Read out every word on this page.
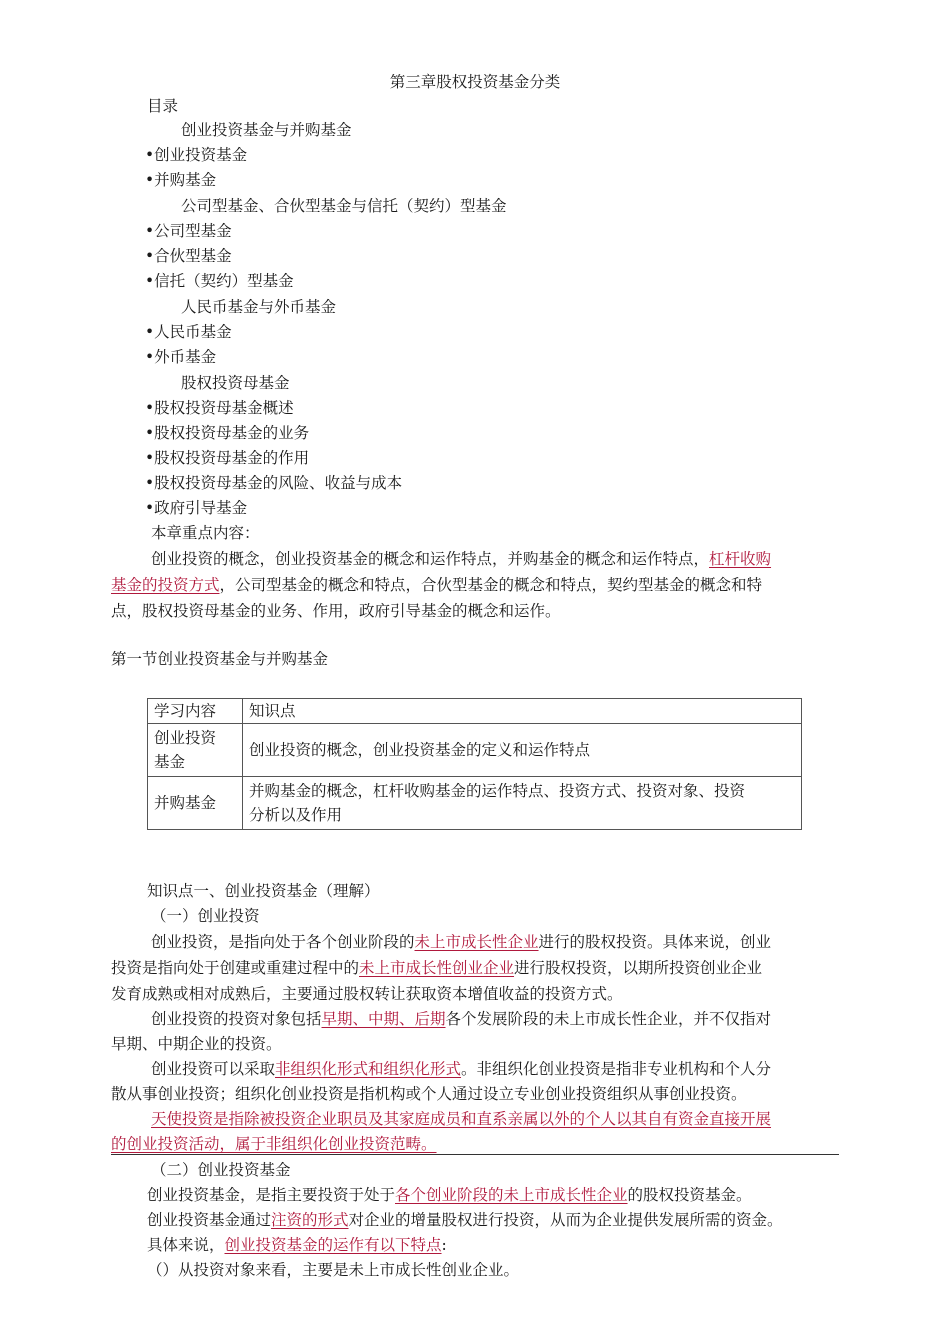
第三章股权投资基金分类
目录
创业投资基金与并购基金
•创业投资基金
•并购基金
公司型基金、合伙型基金与信托（契约）型基金
•公司型基金
•合伙型基金
•信托（契约）型基金
人民币基金与外币基金
•人民币基金
•外币基金
股权投资母基金
•股权投资母基金概述
•股权投资母基金的业务
•股权投资母基金的作用
•股权投资母基金的风险、收益与成本
•政府引导基金
本章重点内容：
创业投资的概念，创业投资基金的概念和运作特点，并购基金的概念和运作特点，杠杆收购
基金的投资方式，公司型基金的概念和特点，合伙型基金的概念和特点，契约型基金的概念和特
点，股权投资母基金的业务、作用，政府引导基金的概念和运作。
第一节创业投资基金与并购基金
学习内容	知识点
创业投资
基金	创业投资的概念，创业投资基金的定义和运作特点
并购基金	并购基金的概念，杠杆收购基金的运作特点、投资方式、投资对象、投资
分析以及作用
知识点一、创业投资基金（理解）
（一）创业投资
创业投资，是指向处于各个创业阶段的未上市成长性企业进行的股权投资。具体来说，创业
投资是指向处于创建或重建过程中的未上市成长性创业企业进行股权投资，以期所投资创业企业
发育成熟或相对成熟后，主要通过股权转让获取资本增值收益的投资方式。
创业投资的投资对象包括早期、中期、后期各个发展阶段的未上市成长性企业，并不仅指对
早期、中期企业的投资。
创业投资可以采取非组织化形式和组织化形式。非组织化创业投资是指非专业机构和个人分
散从事创业投资；组织化创业投资是指机构或个人通过设立专业创业投资组织从事创业投资。
天使投资是指除被投资企业职员及其家庭成员和直系亲属以外的个人以其自有资金直接开展
的创业投资活动，属于非组织化创业投资范畴。
（二）创业投资基金
创业投资基金，是指主要投资于处于各个创业阶段的未上市成长性企业的股权投资基金。
创业投资基金通过注资的形式对企业的增量股权进行投资，从而为企业提供发展所需的资金。
具体来说，创业投资基金的运作有以下特点:
（）从投资对象来看，主要是未上市成长性创业企业。
